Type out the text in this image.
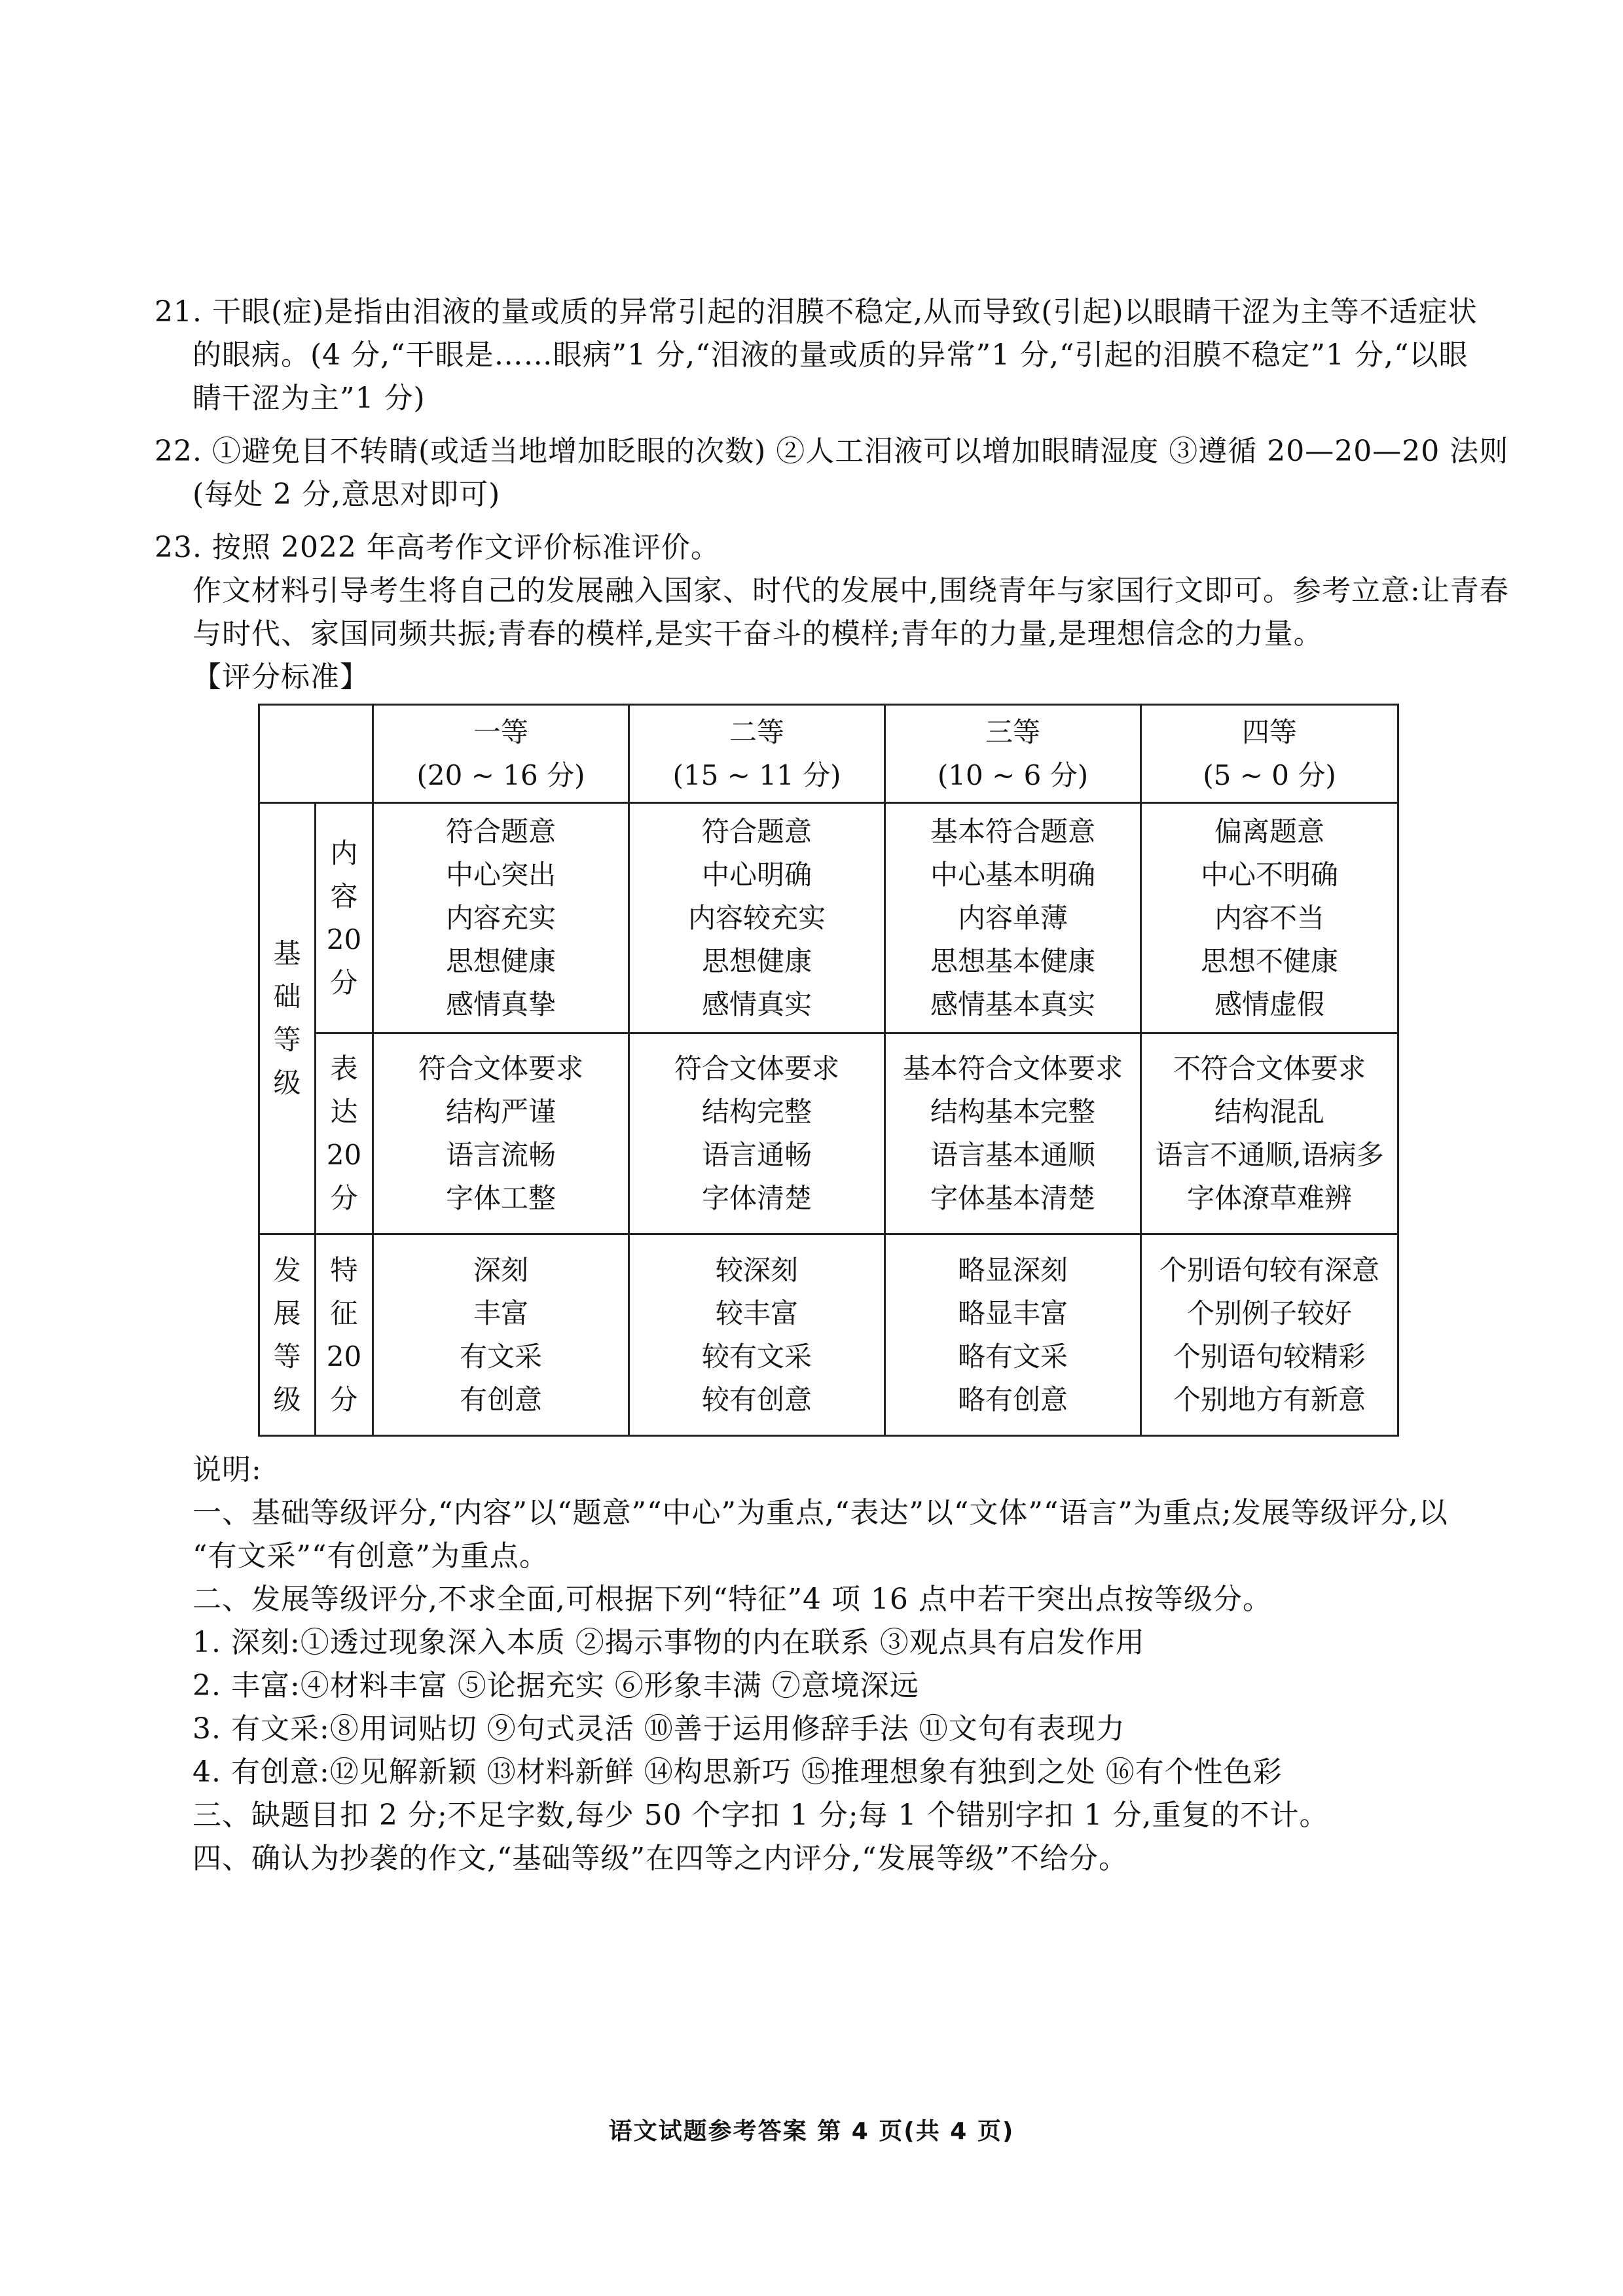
21. 干眼(症)是指由泪液的量或质的异常引起的泪膜不稳定,从而导致(引起)以眼睛干涩为主等不适症状
的眼病。(4 分,“干眼是……眼病”1 分,“泪液的量或质的异常”1 分,“引起的泪膜不稳定”1 分,“以眼
睛干涩为主”1 分)
22. ①避免目不转睛(或适当地增加眨眼的次数) ②人工泪液可以增加眼睛湿度 ③遵循 20—20—20 法则
(每处 2 分,意思对即可)
23. 按照 2022 年高考作文评价标准评价。
作文材料引导考生将自己的发展融入国家、时代的发展中,围绕青年与家国行文即可。参考立意:让青春
与时代、家国同频共振;青春的模样,是实干奋斗的模样;青年的力量,是理想信念的力量。
【评分标准】

		一等
(20 ~ 16 分)	二等
(15 ~ 11 分)	三等
(10 ~ 6 分)	四等
(5 ~ 0 分)

基
础
等
级	内
容
20
分	符合题意
中心突出
内容充实
思想健康
感情真挚	符合题意
中心明确
内容较充实
思想健康
感情真实	基本符合题意
中心基本明确
内容单薄
思想基本健康
感情基本真实	偏离题意
中心不明确
内容不当
思想不健康
感情虚假

	表
达
20
分	符合文体要求
结构严谨
语言流畅
字体工整	符合文体要求
结构完整
语言通畅
字体清楚	基本符合文体要求
结构基本完整
语言基本通顺
字体基本清楚	不符合文体要求
结构混乱
语言不通顺,语病多
字体潦草难辨

发
展
等
级	特
征
20
分	深刻
丰富
有文采
有创意	较深刻
较丰富
较有文采
较有创意	略显深刻
略显丰富
略有文采
略有创意	个别语句较有深意
个别例子较好
个别语句较精彩
个别地方有新意
说明:
一、基础等级评分,“内容”以“题意”“中心”为重点,“表达”以“文体”“语言”为重点;发展等级评分,以
“有文采”“有创意”为重点。
二、发展等级评分,不求全面,可根据下列“特征”4 项 16 点中若干突出点按等级分。
1. 深刻:①透过现象深入本质 ②揭示事物的内在联系 ③观点具有启发作用
2. 丰富:④材料丰富 ⑤论据充实 ⑥形象丰满 ⑦意境深远
3. 有文采:⑧用词贴切 ⑨句式灵活 ⑩善于运用修辞手法 ⑪文句有表现力
4. 有创意:⑫见解新颖 ⑬材料新鲜 ⑭构思新巧 ⑮推理想象有独到之处 ⑯有个性色彩
三、缺题目扣 2 分;不足字数,每少 50 个字扣 1 分;每 1 个错别字扣 1 分,重复的不计。
四、确认为抄袭的作文,“基础等级”在四等之内评分,“发展等级”不给分。
语文试题参考答案 第 4 页(共 4 页)
